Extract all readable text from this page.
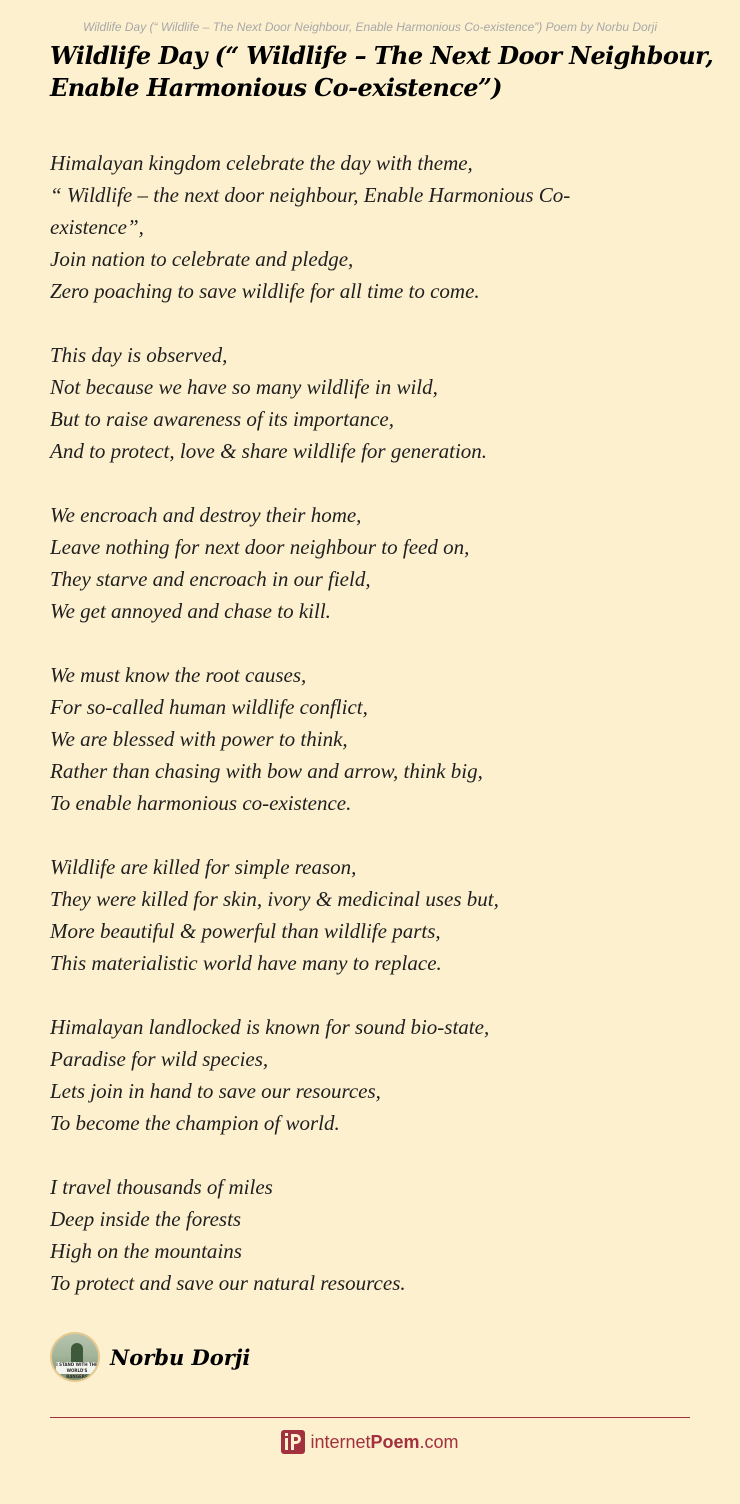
Wildlife Day (“ Wildlife – The Next Door Neighbour, Enable Harmonious Co-existence”) Poem by Norbu Dorji
Wildlife Day (“ Wildlife – The Next Door Neighbour,
Enable Harmonious Co-existence”)
Himalayan kingdom celebrate the day with theme,
“ Wildlife – the next door neighbour, Enable Harmonious Co-
existence”,
Join nation to celebrate and pledge,
Zero poaching to save wildlife for all time to come.
This day is observed,
Not because we have so many wildlife in wild,
But to raise awareness of its importance,
And to protect, love & share wildlife for generation.
We encroach and destroy their home,
Leave nothing for next door neighbour to feed on,
They starve and encroach in our field,
We get annoyed and chase to kill.
We must know the root causes,
For so-called human wildlife conflict,
We are blessed with power to think,
Rather than chasing with bow and arrow, think big,
To enable harmonious co-existence.
Wildlife are killed for simple reason,
They were killed for skin, ivory & medicinal uses but,
More beautiful & powerful than wildlife parts,
This materialistic world have many to replace.
Himalayan landlocked is known for sound bio-state,
Paradise for wild species,
Lets join in hand to save our resources,
To become the champion of world.
I travel thousands of miles
Deep inside the forests
High on the mountains
To protect and save our natural resources.
I STAND WITH THE WORLD'S RANGERS
Norbu Dorji
internetPoem.com
